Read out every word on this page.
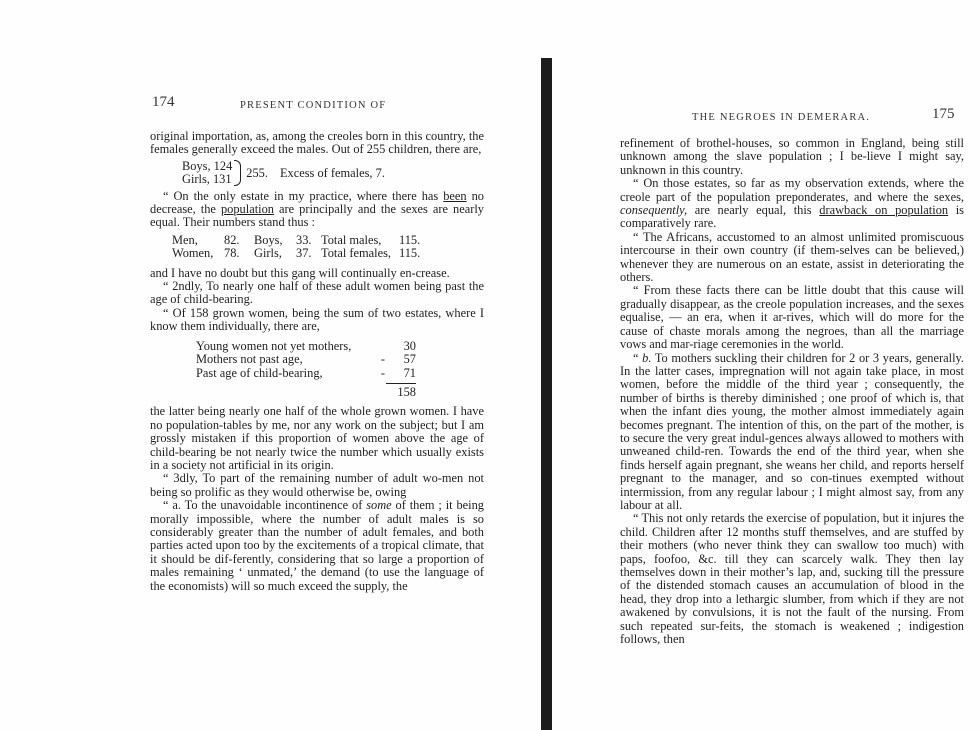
174	PRESENT CONDITION OF

original importation, as, among the creoles born in this country, the females generally exceed the males. Out of 255 children, there are,

Boys, 124
Girls, 131 255. Excess of females, 7.

“ On the only estate in my practice, where there has been no decrease, the population are principally and the sexes are nearly equal. Their numbers stand thus :

Men,	82.	Boys,	33. Total males,	115.
Women, 78.	Girls,	37. Total females, 115.

and I have no doubt but this gang will continually en-crease.

“ 2ndly, To nearly one half of these adult women being past the age of child-bearing.

“ Of 158 grown women, being the sum of two estates, where I know them individually, there are,

Young women not yet mothers,	30
Mothers not past age,	-	57
Past age of child-bearing,	-	71
158

the latter being nearly one half of the whole grown women. I have no population-tables by me, nor any work on the subject; but I am grossly mistaken if this proportion of women above the age of child-bearing be not nearly twice the number which usually exists in a society not artificial in its origin.

“ 3dly, To part of the remaining number of adult wo-men not being so prolific as they would otherwise be, owing

“ a. To the unavoidable incontinence of some of them ; it being morally impossible, where the number of adult males is so considerably greater than the number of adult females, and both parties acted upon too by the excitements of a tropical climate, that it should be dif-ferently, considering that so large a proportion of males remaining ‘ unmated,’ the demand (to use the language of the economists) will so much exceed the supply, the

THE NEGROES IN DEMERARA.	175

refinement of brothel-houses, so common in England, being still unknown among the slave population ; I be-lieve I might say, unknown in this country.

“ On those estates, so far as my observation extends, where the creole part of the population preponderates, and where the sexes, consequently, are nearly equal, this drawback on population is comparatively rare.

“ The Africans, accustomed to an almost unlimited promiscuous intercourse in their own country (if them-selves can be believed,) whenever they are numerous on an estate, assist in deteriorating the others.

“ From these facts there can be little doubt that this cause will gradually disappear, as the creole population increases, and the sexes equalise, — an era, when it ar-rives, which will do more for the cause of chaste morals among the negroes, than all the marriage vows and mar-riage ceremonies in the world.

“ b. To mothers suckling their children for 2 or 3 years, generally. In the latter cases, impregnation will not again take place, in most women, before the middle of the third year ; consequently, the number of births is thereby diminished ; one proof of which is, that when the infant dies young, the mother almost immediately again becomes pregnant. The intention of this, on the part of the mother, is to secure the very great indul-gences always allowed to mothers with unweaned child-ren. Towards the end of the third year, when she finds herself again pregnant, she weans her child, and reports herself pregnant to the manager, and so con-tinues exempted without intermission, from any regular labour ; I might almost say, from any labour at all.

“ This not only retards the exercise of population, but it injures the child. Children after 12 months stuff themselves, and are stuffed by their mothers (who never think they can swallow too much) with paps, foofoo, &c. till they can scarcely walk. They then lay themselves down in their mother’s lap, and, sucking till the pressure of the distended stomach causes an accumulation of blood in the head, they drop into a lethargic slumber, from which if they are not awakened by convulsions, it is not the fault of the nursing. From such repeated sur-feits, the stomach is weakened ; indigestion follows, then
